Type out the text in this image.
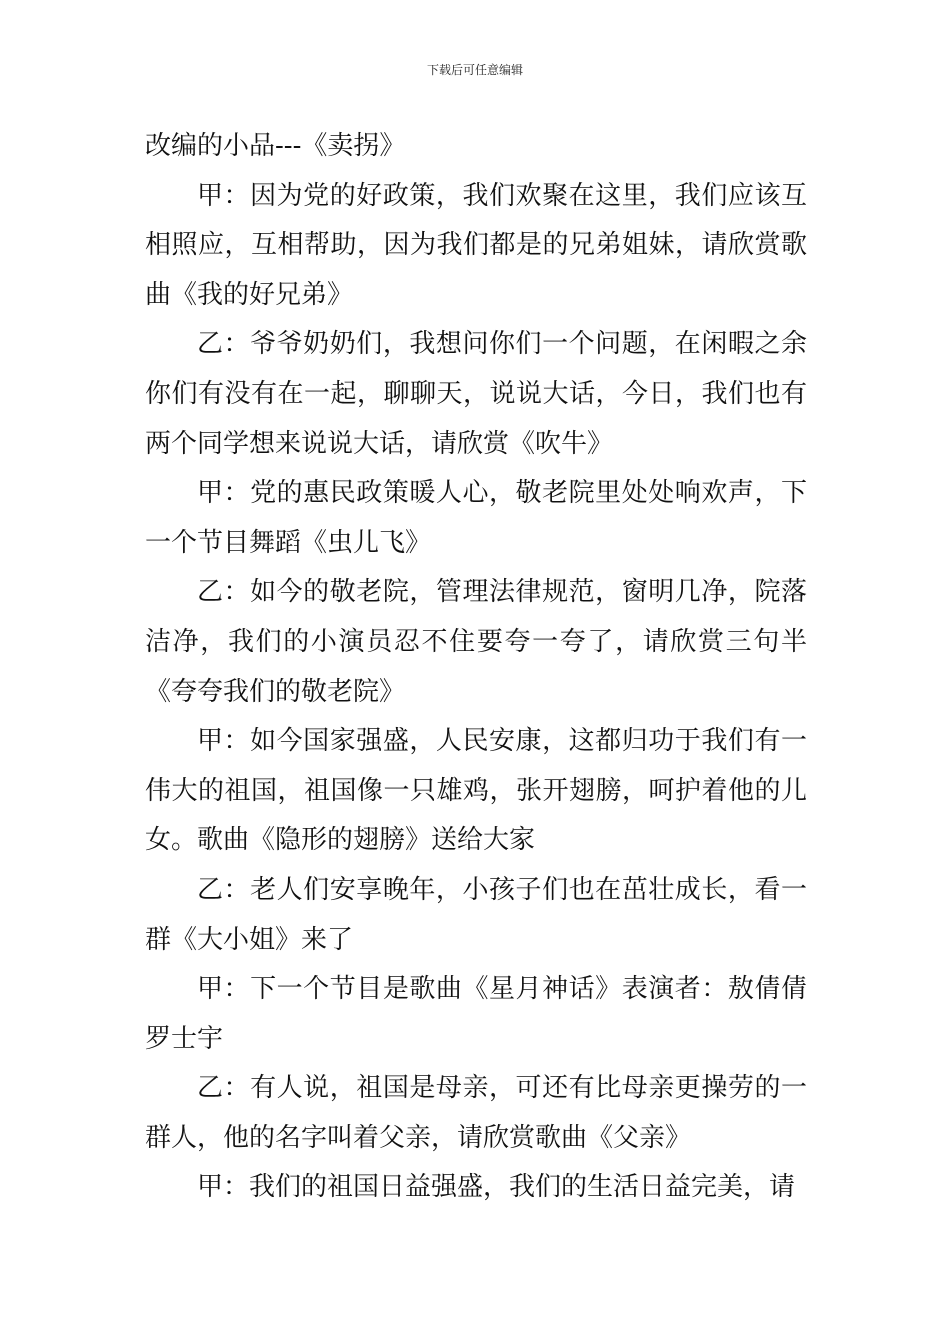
下载后可任意编辑

改编的小品---《卖拐》

甲：因为党的好政策，我们欢聚在这里，我们应该互相照应，互相帮助，因为我们都是的兄弟姐妹，请欣赏歌曲《我的好兄弟》

乙：爷爷奶奶们，我想问你们一个问题，在闲暇之余你们有没有在一起，聊聊天，说说大话，今日，我们也有两个同学想来说说大话，请欣赏《吹牛》

甲：党的惠民政策暖人心，敬老院里处处响欢声，下一个节目舞蹈《虫儿飞》

乙：如今的敬老院，管理法律规范，窗明几净，院落洁净，我们的小演员忍不住要夸一夸了，请欣赏三句半《夸夸我们的敬老院》

甲：如今国家强盛，人民安康，这都归功于我们有一伟大的祖国，祖国像一只雄鸡，张开翅膀，呵护着他的儿女。歌曲《隐形的翅膀》送给大家

乙：老人们安享晚年，小孩子们也在茁壮成长，看一群《大小姐》来了

甲：下一个节目是歌曲《星月神话》表演者：敖倩倩罗士宇

乙：有人说，祖国是母亲，可还有比母亲更操劳的一群人，他的名字叫着父亲，请欣赏歌曲《父亲》

甲：我们的祖国日益强盛，我们的生活日益完美，请
